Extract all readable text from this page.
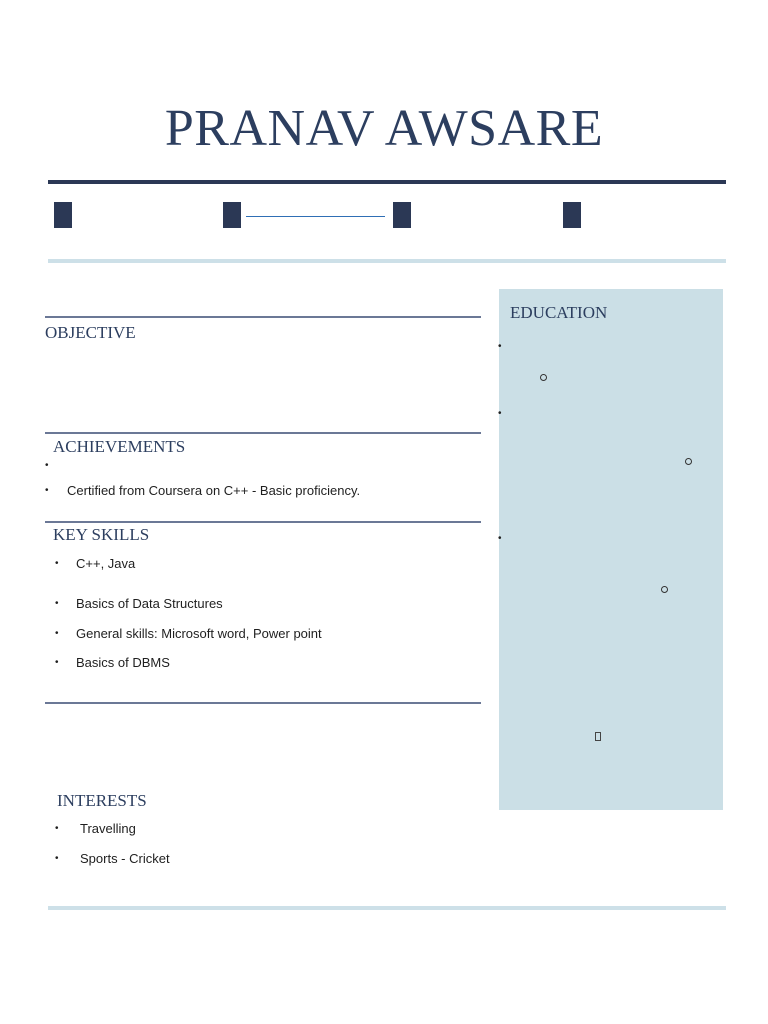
PRANAV AWSARE
OBJECTIVE
ACHIEVEMENTS
•
• Certified from Coursera on C++ - Basic proficiency.
KEY SKILLS
• C++, Java
• Basics of Data Structures
• General skills: Microsoft word, Power point
• Basics of DBMS
INTERESTS
• Travelling
• Sports - Cricket
EDUCATION
•
•
•
